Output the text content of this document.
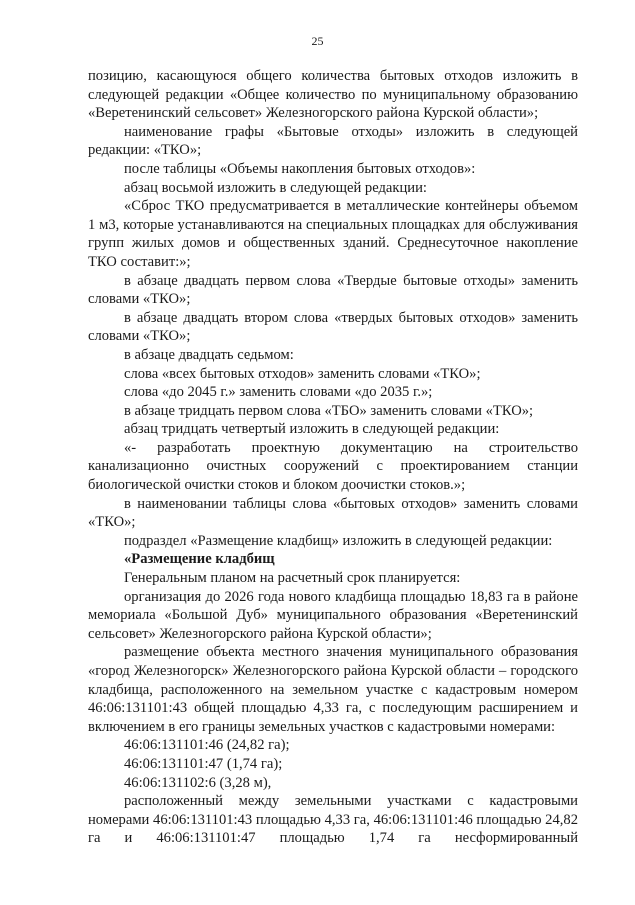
25

позицию, касающуюся общего количества бытовых отходов изложить в следующей редакции «Общее количество по муниципальному образованию «Веретенинский сельсовет» Железногорского района Курской области»;

наименование графы «Бытовые отходы» изложить в следующей редакции: «ТКО»;

после таблицы «Объемы накопления бытовых отходов»:

абзац восьмой изложить в следующей редакции:

«Сброс ТКО предусматривается в металлические контейнеры объемом 1 м3, которые устанавливаются на специальных площадках для обслуживания групп жилых домов и общественных зданий. Среднесуточное накопление ТКО составит:»;

в абзаце двадцать первом слова «Твердые бытовые отходы» заменить словами «ТКО»;

в абзаце двадцать втором слова «твердых бытовых отходов» заменить словами «ТКО»;

в абзаце двадцать седьмом:

слова «всех бытовых отходов» заменить словами «ТКО»;

слова «до 2045 г.» заменить словами «до 2035 г.»;

в абзаце тридцать первом слова «ТБО» заменить словами «ТКО»;

абзац тридцать четвертый изложить в следующей редакции:

«- разработать проектную документацию на строительство канализационно очистных сооружений с проектированием станции биологической очистки стоков и блоком доочистки стоков.»;

в наименовании таблицы слова «бытовых отходов» заменить словами «ТКО»;

подраздел «Размещение кладбищ» изложить в следующей редакции:

«Размещение кладбищ

Генеральным планом на расчетный срок планируется:

организация до 2026 года нового кладбища площадью 18,83 га в районе мемориала «Большой Дуб» муниципального образования «Веретенинский сельсовет» Железногорского района Курской области»;

размещение объекта местного значения муниципального образования «город Железногорск» Железногорского района Курской области – городского кладбища, расположенного на земельном участке с кадастровым номером 46:06:131101:43 общей площадью 4,33 га, с последующим расширением и включением в его границы земельных участков с кадастровыми номерами:

46:06:131101:46 (24,82 га);

46:06:131101:47 (1,74 га);

46:06:131102:6 (3,28 м),

расположенный между земельными участками с кадастровыми номерами 46:06:131101:43 площадью 4,33 га, 46:06:131101:46 площадью 24,82 га и 46:06:131101:47 площадью 1,74 га несформированный
